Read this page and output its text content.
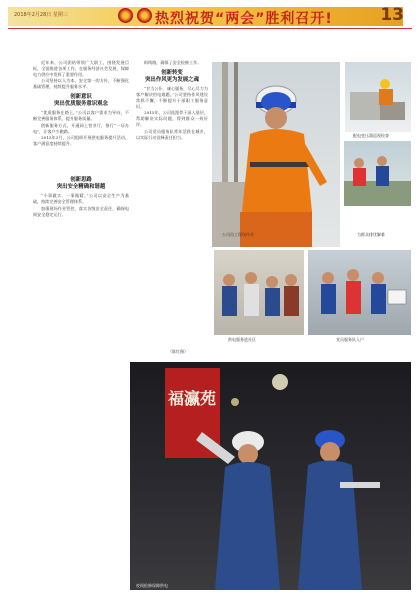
2018年2月28日 星期三	热烈祝贺“两会”胜利召开!	13

近年来，公司团结带领广大职工，围绕发展目标，全面推进各项工作，在服务经济社会发展、保障电力供应中发挥了重要作用。

公司坚持以人为本、安全第一的方针，不断强化基础管理，持续提升服务水平。

创新意识
突出优质服务意识观念

“优质服务在路上。”公司以客户需求为导向，不断完善服务体系，提升服务质量。

创新服务方式，开通网上营业厅，推行“一证办电”，让客户少跑路。

2015年3月，公司组织开展供电服务提升活动，客户满意度持续提升。

创新思路
突出安全精确和谐越

“小事做实、一事做精。”公司以安全生产为基础，持续完善安全管理体系。

加强现场作业管控，落实各级安全责任，确保电网安全稳定运行。

织线路，确保了安全检修工作。

创新转变
突出作风更为发展之魂

“甘当公仆、诚心服务，尽心尽力为客户解决用电难题。”公司坚持作风建设常抓不懈，不断提升干部职工服务意识。

2015年，公司选派骨干深入基层，帮助解决实际问题，得到群众一致好评。

公司党员服务队常年活跃在城乡，以实际行动诠释责任担当。	配电变压器巡视检查
公司员工现场作业	为群众排忧解难
供电服务进社区	党员服务队入户
（陈红摄）
福瀛苑
夜间抢修保障供电
